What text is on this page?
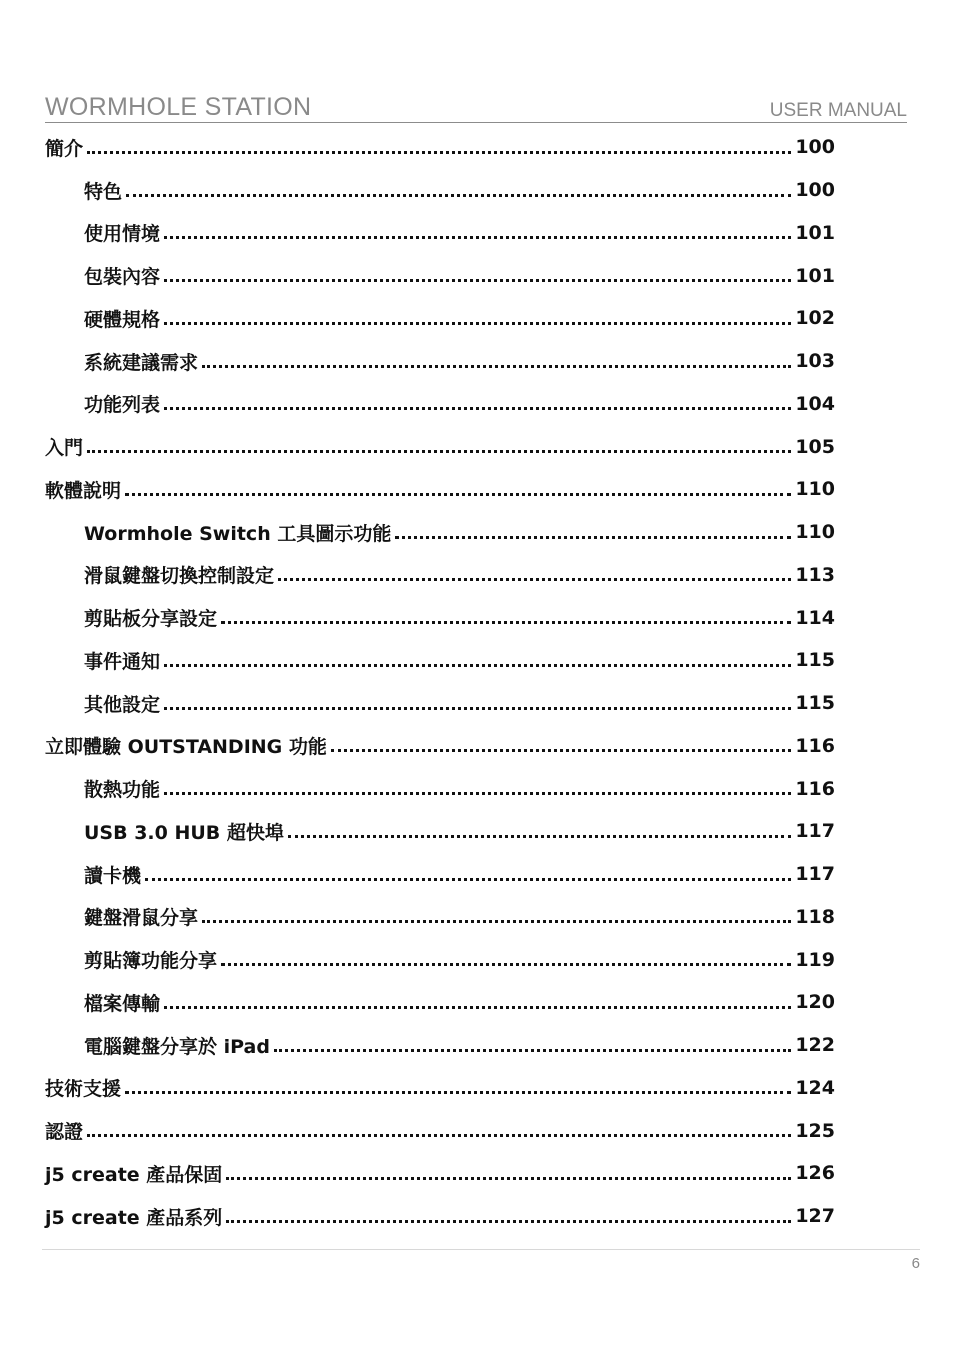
WORMHOLE STATION	USER MANUAL
簡介	100
特色	100
使用情境	101
包裝內容	101
硬體規格	102
系統建議需求	103
功能列表	104
入門	105
軟體說明	110
Wormhole Switch 工具圖示功能	110
滑鼠鍵盤切換控制設定	113
剪貼板分享設定	114
事件通知	115
其他設定	115
立即體驗 OUTSTANDING 功能	116
散熱功能	116
USB 3.0 HUB 超快埠	117
讀卡機	117
鍵盤滑鼠分享	118
剪貼簿功能分享	119
檔案傳輸	120
電腦鍵盤分享於 iPad	122
技術支援	124
認證	125
j5 create 產品保固	126
j5 create 產品系列	127
6
